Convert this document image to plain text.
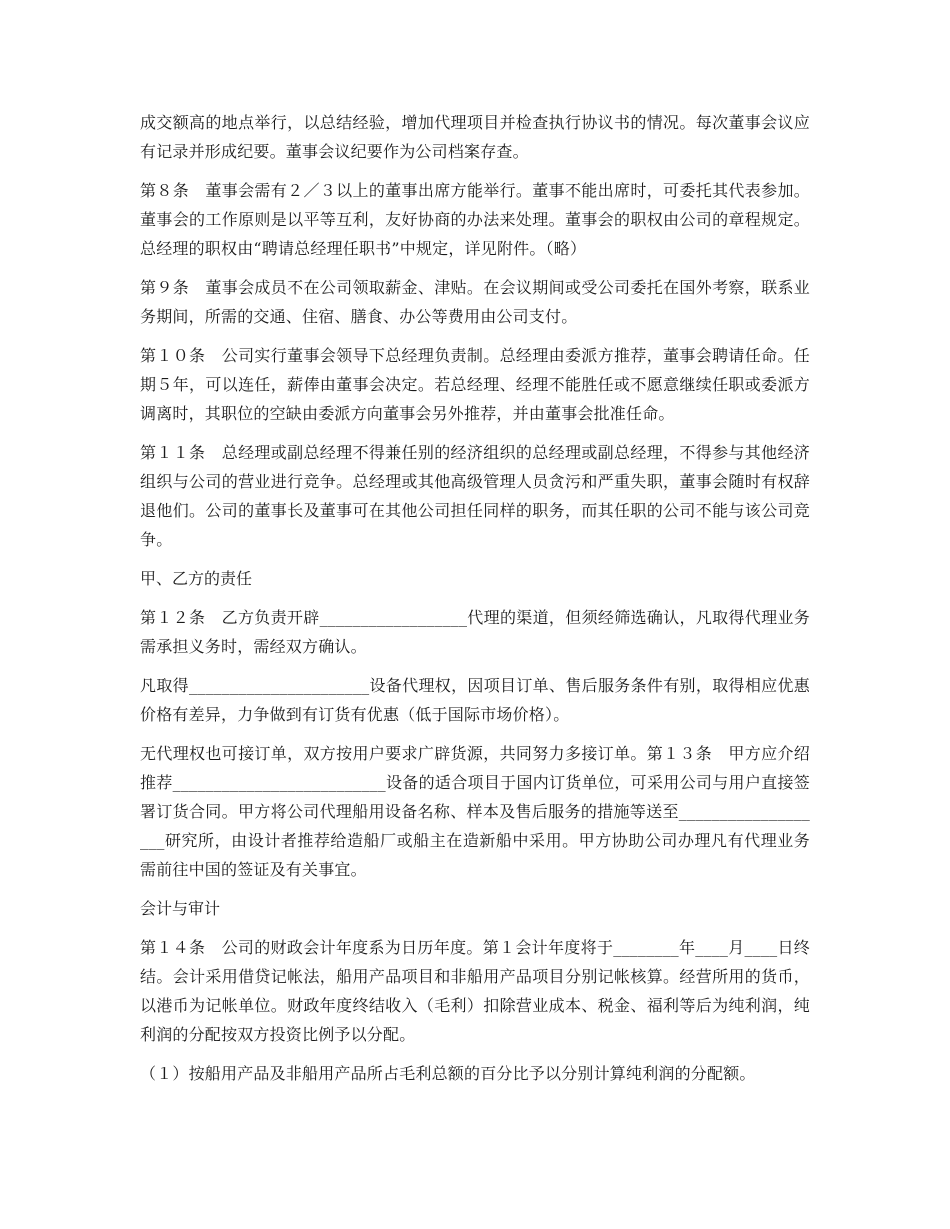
成交额高的地点举行，以总结经验，增加代理项目并检查执行协议书的情况。每次董事会议应有记录并形成纪要。董事会议纪要作为公司档案存查。

第８条　董事会需有２／３以上的董事出席方能举行。董事不能出席时，可委托其代表参加。董事会的工作原则是以平等互利，友好协商的办法来处理。董事会的职权由公司的章程规定。总经理的职权由“聘请总经理任职书”中规定，详见附件。（略）

第９条　董事会成员不在公司领取薪金、津贴。在会议期间或受公司委托在国外考察，联系业务期间，所需的交通、住宿、膳食、办公等费用由公司支付。

第１０条　公司实行董事会领导下总经理负责制。总经理由委派方推荐，董事会聘请任命。任期５年，可以连任，薪俸由董事会决定。若总经理、经理不能胜任或不愿意继续任职或委派方调离时，其职位的空缺由委派方向董事会另外推荐，并由董事会批准任命。

第１１条　总经理或副总经理不得兼任别的经济组织的总经理或副总经理，不得参与其他经济组织与公司的营业进行竞争。总经理或其他高级管理人员贪污和严重失职，董事会随时有权辞退他们。公司的董事长及董事可在其他公司担任同样的职务，而其任职的公司不能与该公司竞争。

甲、乙方的责任

第１２条　乙方负责开辟__________________代理的渠道，但须经筛选确认，凡取得代理业务需承担义务时，需经双方确认。

凡取得______________________设备代理权，因项目订单、售后服务条件有别，取得相应优惠价格有差异，力争做到有订货有优惠（低于国际市场价格）。

无代理权也可接订单，双方按用户要求广辟货源，共同努力多接订单。第１３条　甲方应介绍推荐__________________________设备的适合项目于国内订货单位，可采用公司与用户直接签署订货合同。甲方将公司代理船用设备名称、样本及售后服务的措施等送至___________________研究所，由设计者推荐给造船厂或船主在造新船中采用。甲方协助公司办理凡有代理业务需前往中国的签证及有关事宜。

会计与审计

第１４条　公司的财政会计年度系为日历年度。第１会计年度将于________年____月____日终结。会计采用借贷记帐法，船用产品项目和非船用产品项目分别记帐核算。经营所用的货币，以港币为记帐单位。财政年度终结收入（毛利）扣除营业成本、税金、福利等后为纯利润，纯利润的分配按双方投资比例予以分配。

（１）按船用产品及非船用产品所占毛利总额的百分比予以分别计算纯利润的分配额。
